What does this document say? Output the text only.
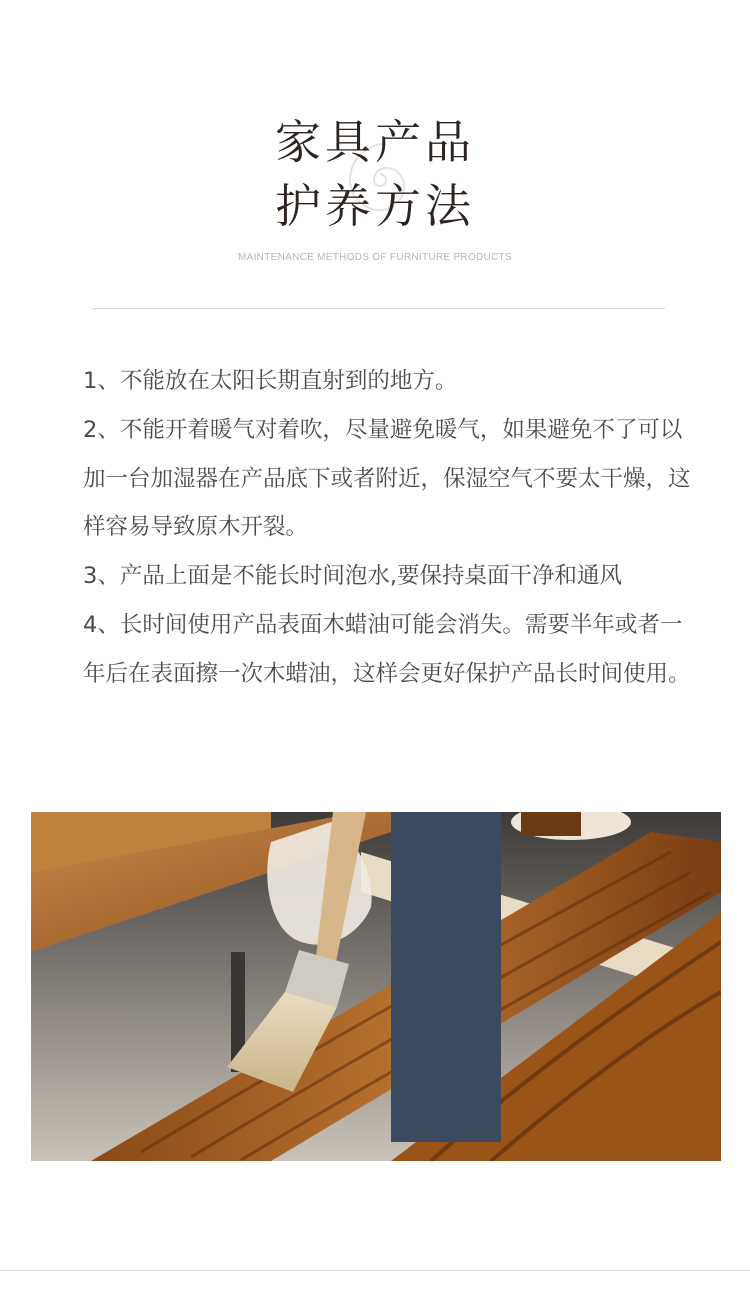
家具产品
护养方法
MAINTENANCE METHODS OF FURNITURE PRODUCTS

1、不能放在太阳长期直射到的地方。

2、不能开着暖气对着吹，尽量避免暖气，如果避免不了可以加一台加湿器在产品底下或者附近，保湿空气不要太干燥，这样容易导致原木开裂。

3、产品上面是不能长时间泡水,要保持桌面干净和通风

4、长时间使用产品表面木蜡油可能会消失。需要半年或者一年后在表面擦一次木蜡油，这样会更好保护产品长时间使用。
